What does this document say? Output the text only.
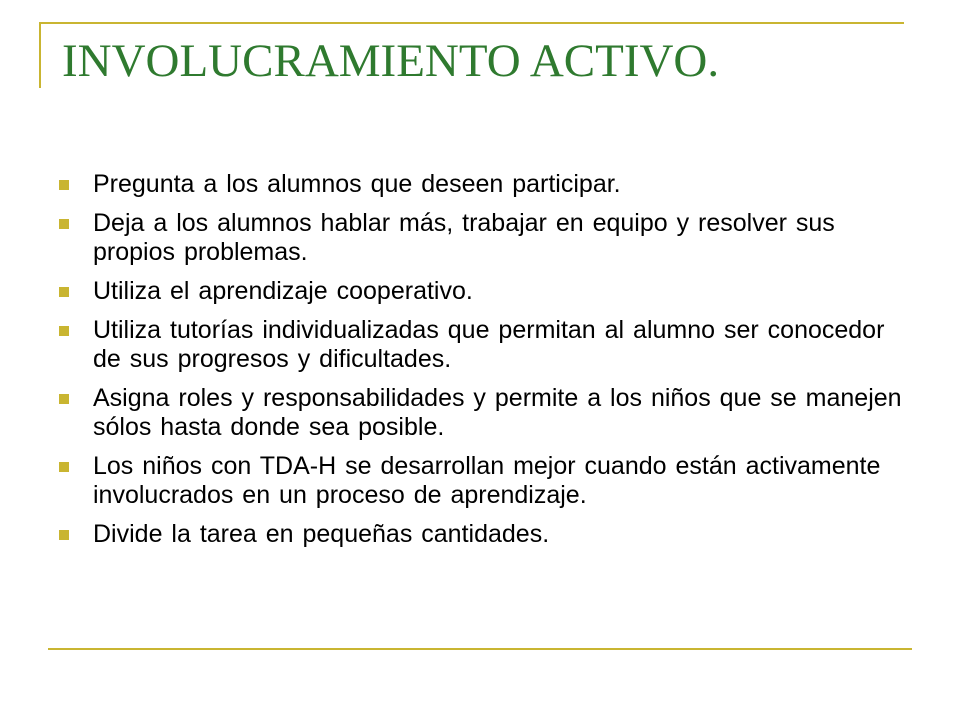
INVOLUCRAMIENTO ACTIVO.
Pregunta a los alumnos que deseen participar.
Deja a los alumnos hablar más, trabajar en equipo y resolver sus propios problemas.
Utiliza el aprendizaje cooperativo.
Utiliza tutorías individualizadas que permitan al alumno ser conocedor de sus progresos y dificultades.
Asigna roles y responsabilidades y permite a los niños que se manejen sólos hasta donde sea posible.
Los niños con TDA-H se desarrollan mejor cuando están activamente involucrados en un proceso de aprendizaje.
Divide la tarea en pequeñas cantidades.
